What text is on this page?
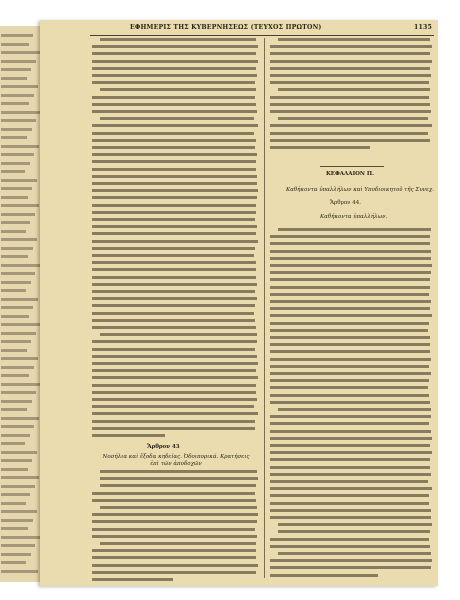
ΕΦΗΜΕΡΙΣ ΤΗΣ ΚΥΒΕΡΝΗΣΕΩΣ (ΤΕΥΧΟΣ ΠΡΩΤΟΝ)	1135
Ἄρθρον 43
Νοσήλια καὶ ἔξοδα κηδείας. Ὀδοιπορικά. Κρατήσεις ἐπὶ τῶν ἀποδοχῶν
ΚΕΦΑΛΑΙΟΝ Π.
Καθήκοντα ὑπαλλήλων καὶ Υποδιοικητοῦ τῆς Συνεχ.
Ἄρθρον 44.
Καθήκοντα ὑπαλλήλων.
